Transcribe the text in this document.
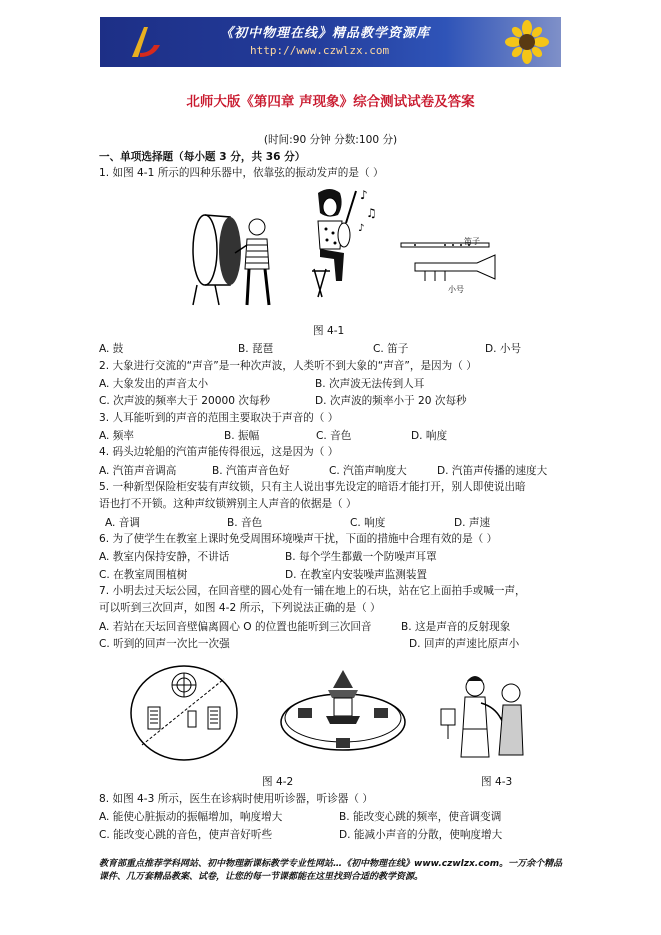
《初中物理在线》精品教学资源库
http://www.czwlzx.com
北师大版《第四章 声现象》综合测试试卷及答案
(时间:90 分钟 分数:100 分)
一、单项选择题（每小题 3 分，共 36 分）
1. 如图 4-1 所示的四种乐器中，依靠弦的振动发声的是（ ）
♪
♫
♪
笛子
小号
图 4-1
A. 鼓	B. 琵琶	C. 笛子	D. 小号
2. 大象进行交流的“声音”是一种次声波，人类听不到大象的“声音”，是因为（ ）
A. 大象发出的声音太小	B. 次声波无法传到人耳
C. 次声波的频率大于 20000 次每秒	D. 次声波的频率小于 20 次每秒
3. 人耳能听到的声音的范围主要取决于声音的（ ）
A. 频率	B. 振幅	C. 音色	D. 响度
4. 码头边轮船的汽笛声能传得很远，这是因为（ ）
A. 汽笛声音调高	B. 汽笛声音色好	C. 汽笛声响度大	D. 汽笛声传播的速度大
5. 一种新型保险柜安装有声纹锁，只有主人说出事先设定的暗语才能打开，别人即使说出暗
语也打不开锁。这种声纹锁辨别主人声音的依据是（ ）
A. 音调	B. 音色	C. 响度	D. 声速
6. 为了使学生在教室上课时免受周围环境噪声干扰，下面的措施中合理有效的是（ ）
A. 教室内保持安静，不讲话	B. 每个学生都戴一个防噪声耳罩
C. 在教室周围植树	D. 在教室内安装噪声监测装置
7. 小明去过天坛公园，在回音壁的圆心处有一铺在地上的石块，站在它上面拍手或喊一声，
可以听到三次回声，如图 4-2 所示，下列说法正确的是（ ）
A. 若站在天坛回音壁偏离圆心 O 的位置也能听到三次回音	B. 这是声音的反射现象
C. 听到的回声一次比一次强	D. 回声的声速比原声小
图 4-2	图 4-3
8. 如图 4-3 所示，医生在诊病时使用听诊器，听诊器（ ）
A. 能使心脏振动的振幅增加，响度增大	B. 能改变心跳的频率，使音调变调
C. 能改变心跳的音色，使声音好听些	D. 能减小声音的分散，使响度增大
教育部重点推荐学科网站、初中物理新课标教学专业性网站…《初中物理在线》www.czwlzx.com。一万余个精品课件、几万套精品教案、试卷，让您的每一节课都能在这里找到合适的教学资源。
